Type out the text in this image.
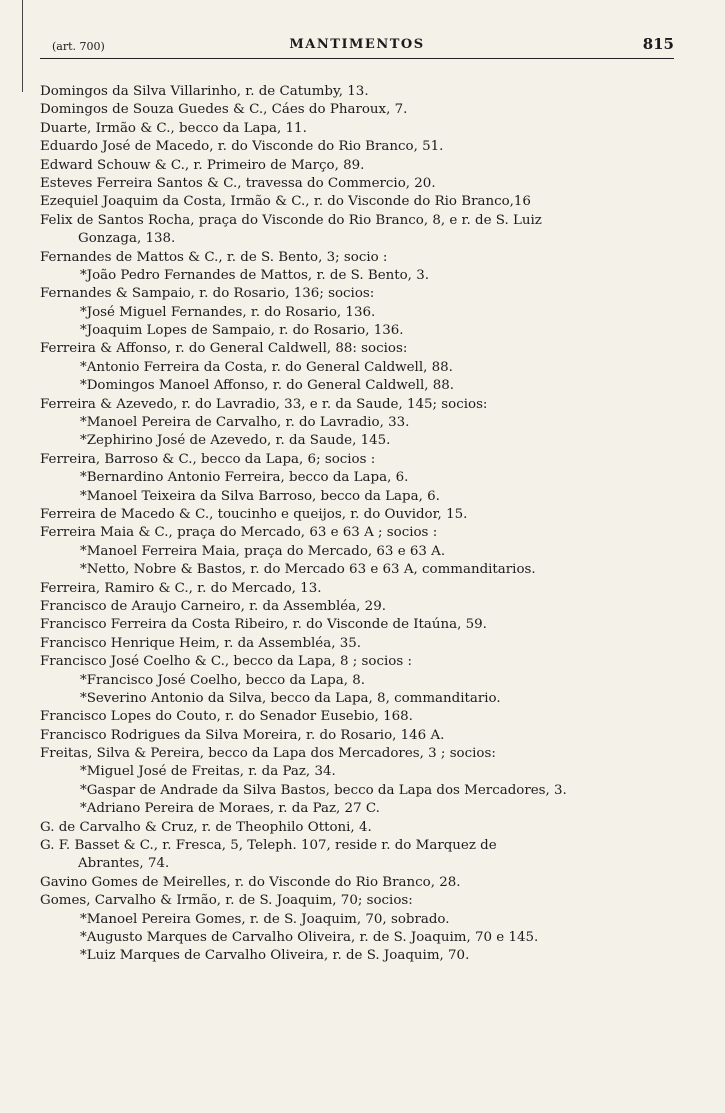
(art. 700)	MANTIMENTOS	815
Domingos da Silva Villarinho, r. de Catumby, 13.
Domingos de Souza Guedes & C., Cáes do Pharoux, 7.
Duarte, Irmão & C., becco da Lapa, 11.
Eduardo José de Macedo, r. do Visconde do Rio Branco, 51.
Edward Schouw & C., r. Primeiro de Março, 89.
Esteves Ferreira Santos & C., travessa do Commercio, 20.
Ezequiel Joaquim da Costa, Irmão & C., r. do Visconde do Rio Branco,16
Felix de Santos Rocha, praça do Visconde do Rio Branco, 8, e r. de S. Luiz
Gonzaga, 138.
Fernandes de Mattos & C., r. de S. Bento, 3; socio :
*João Pedro Fernandes de Mattos, r. de S. Bento, 3.
Fernandes & Sampaio, r. do Rosario, 136; socios:
*José Miguel Fernandes, r. do Rosario, 136.
*Joaquim Lopes de Sampaio, r. do Rosario, 136.
Ferreira & Affonso, r. do General Caldwell, 88: socios:
*Antonio Ferreira da Costa, r. do General Caldwell, 88.
*Domingos Manoel Affonso, r. do General Caldwell, 88.
Ferreira & Azevedo, r. do Lavradio, 33, e r. da Saude, 145; socios:
*Manoel Pereira de Carvalho, r. do Lavradio, 33.
*Zephirino José de Azevedo, r. da Saude, 145.
Ferreira, Barroso & C., becco da Lapa, 6; socios :
*Bernardino Antonio Ferreira, becco da Lapa, 6.
*Manoel Teixeira da Silva Barroso, becco da Lapa, 6.
Ferreira de Macedo & C., toucinho e queijos, r. do Ouvidor, 15.
Ferreira Maia & C., praça do Mercado, 63 e 63 A ; socios :
*Manoel Ferreira Maia, praça do Mercado, 63 e 63 A.
*Netto, Nobre & Bastos, r. do Mercado 63 e 63 A, commanditarios.
Ferreira, Ramiro & C., r. do Mercado, 13.
Francisco de Araujo Carneiro, r. da Assembléa, 29.
Francisco Ferreira da Costa Ribeiro, r. do Visconde de Itaúna, 59.
Francisco Henrique Heim, r. da Assembléa, 35.
Francisco José Coelho & C., becco da Lapa, 8 ; socios :
*Francisco José Coelho, becco da Lapa, 8.
*Severino Antonio da Silva, becco da Lapa, 8, commanditario.
Francisco Lopes do Couto, r. do Senador Eusebio, 168.
Francisco Rodrigues da Silva Moreira, r. do Rosario, 146 A.
Freitas, Silva & Pereira, becco da Lapa dos Mercadores, 3 ; socios:
*Miguel José de Freitas, r. da Paz, 34.
*Gaspar de Andrade da Silva Bastos, becco da Lapa dos Mercadores, 3.
*Adriano Pereira de Moraes, r. da Paz, 27 C.
G. de Carvalho & Cruz, r. de Theophilo Ottoni, 4.
G. F. Basset & C., r. Fresca, 5, Teleph. 107, reside r. do Marquez de
Abrantes, 74.
Gavino Gomes de Meirelles, r. do Visconde do Rio Branco, 28.
Gomes, Carvalho & Irmão, r. de S. Joaquim, 70; socios:
*Manoel Pereira Gomes, r. de S. Joaquim, 70, sobrado.
*Augusto Marques de Carvalho Oliveira, r. de S. Joaquim, 70 e 145.
*Luiz Marques de Carvalho Oliveira, r. de S. Joaquim, 70.
